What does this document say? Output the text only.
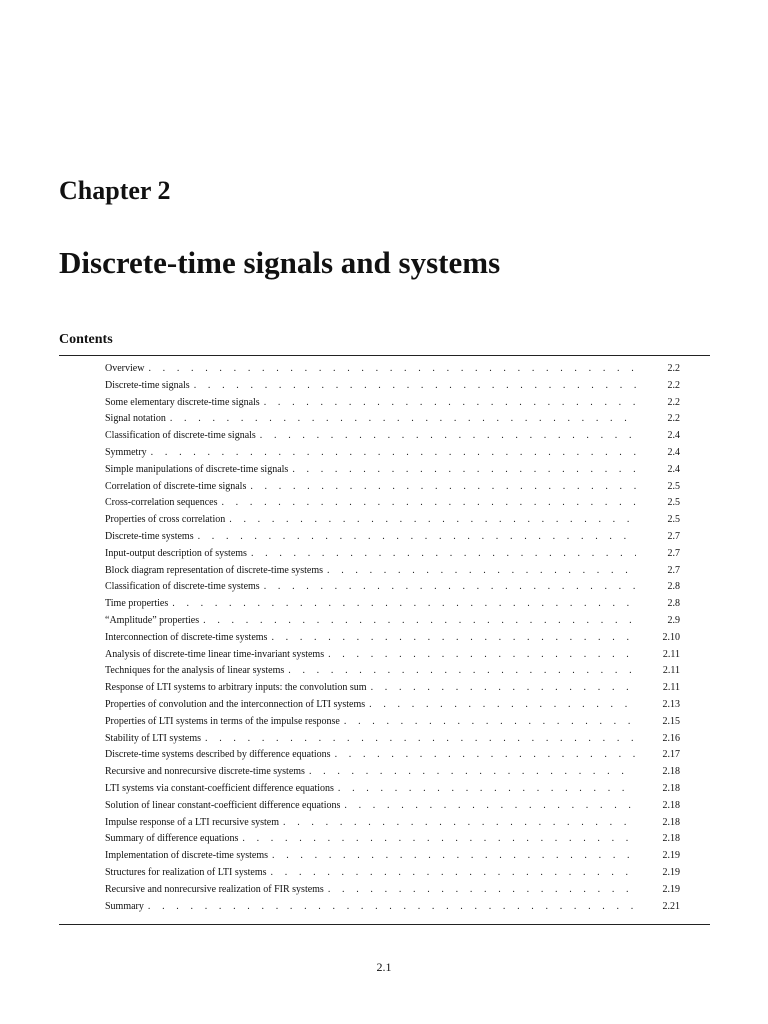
Chapter 2
Discrete-time signals and systems
Contents
Overview . . .	2.2
Discrete-time signals . . .	2.2
Some elementary discrete-time signals . . .	2.2
Signal notation . . .	2.2
Classification of discrete-time signals . . .	2.4
Symmetry . . .	2.4
Simple manipulations of discrete-time signals . . .	2.4
Correlation of discrete-time signals . . .	2.5
Cross-correlation sequences . . .	2.5
Properties of cross correlation . . .	2.5
Discrete-time systems . . .	2.7
Input-output description of systems . . .	2.7
Block diagram representation of discrete-time systems . . .	2.7
Classification of discrete-time systems . . .	2.8
Time properties . . .	2.8
“Amplitude” properties . . .	2.9
Interconnection of discrete-time systems . . .	2.10
Analysis of discrete-time linear time-invariant systems . . .	2.11
Techniques for the analysis of linear systems . . .	2.11
Response of LTI systems to arbitrary inputs: the convolution sum . . .	2.11
Properties of convolution and the interconnection of LTI systems . . .	2.13
Properties of LTI systems in terms of the impulse response . . .	2.15
Stability of LTI systems . . .	2.16
Discrete-time systems described by difference equations . . .	2.17
Recursive and nonrecursive discrete-time systems . . .	2.18
LTI systems via constant-coefficient difference equations . . .	2.18
Solution of linear constant-coefficient difference equations . . .	2.18
Impulse response of a LTI recursive system . . .	2.18
Summary of difference equations . . .	2.18
Implementation of discrete-time systems . . .	2.19
Structures for realization of LTI systems . . .	2.19
Recursive and nonrecursive realization of FIR systems . . .	2.19
Summary . . .	2.21
2.1
